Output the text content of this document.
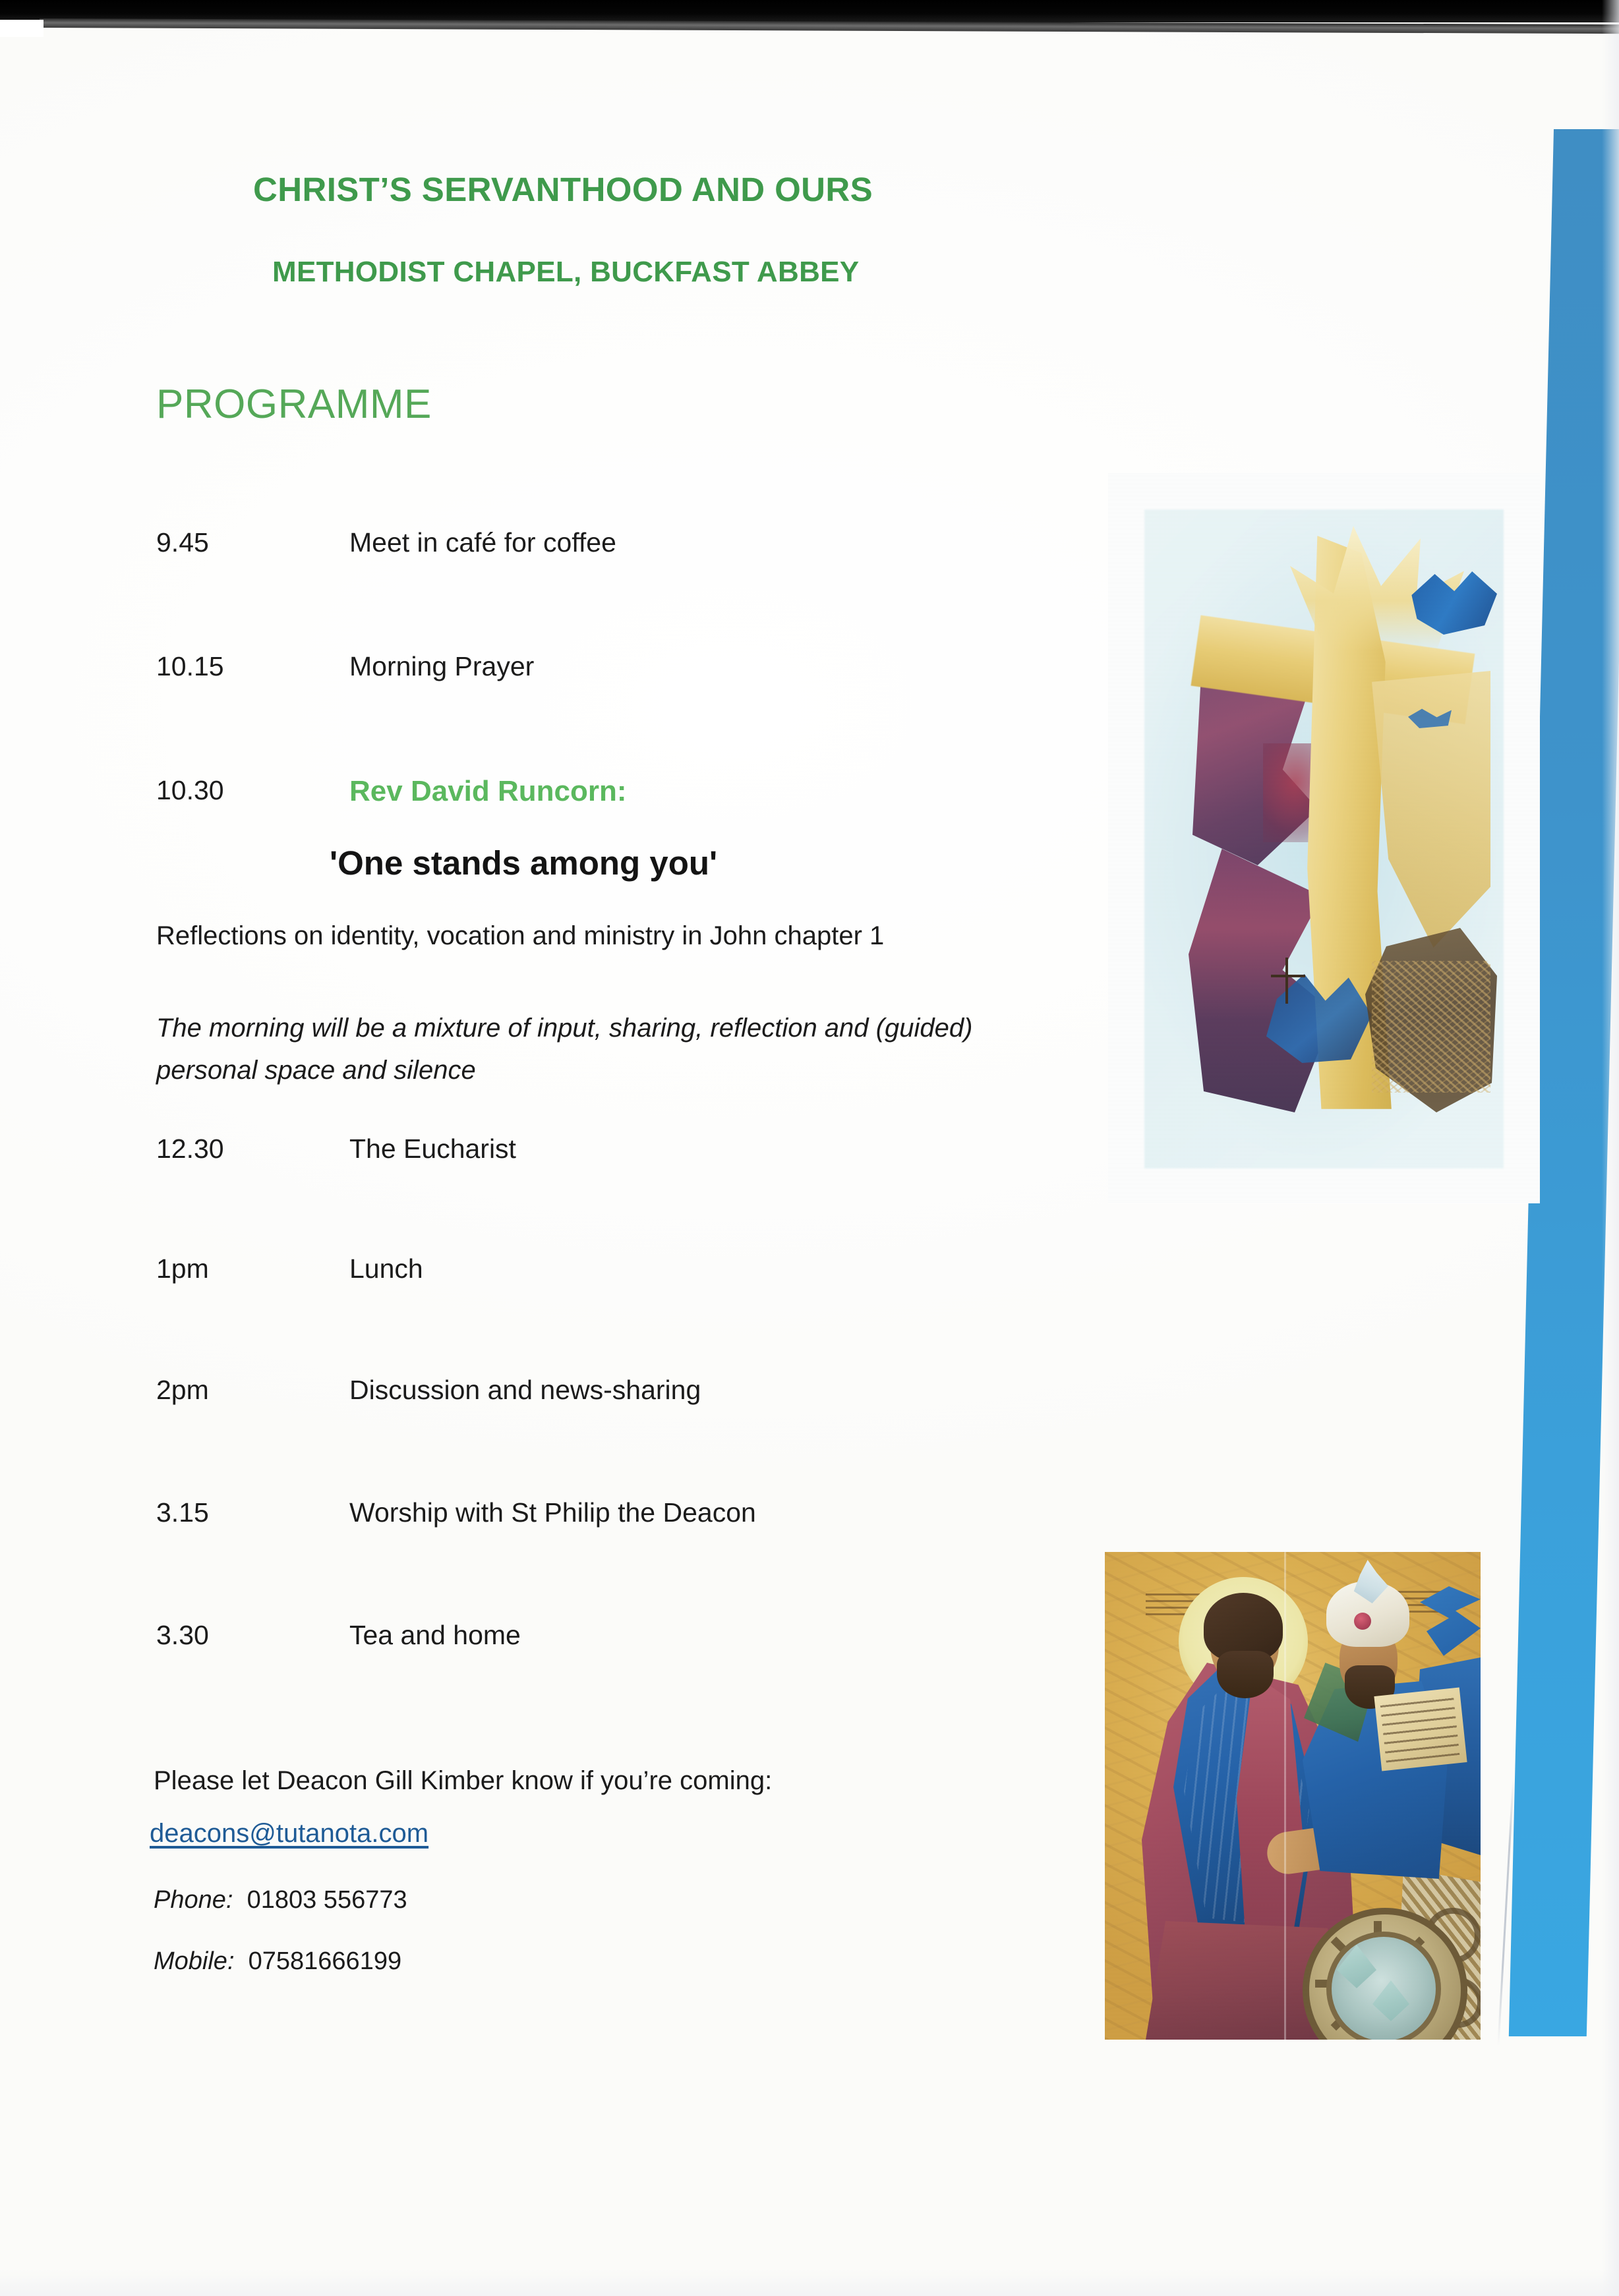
CHRIST’S SERVANTHOOD AND OURS
METHODIST CHAPEL, BUCKFAST ABBEY
PROGRAMME
9.45	Meet in café for coffee
10.15	Morning Prayer
10.30	Rev David Runcorn:
'One stands among you'
Reflections on identity, vocation and ministry in John chapter 1
The morning will be a mixture of input, sharing, reflection and (guided) personal space and silence
12.30	The Eucharist
1pm	Lunch
2pm	Discussion and news-sharing
3.15	Worship with St Philip the Deacon
3.30	Tea and home
Please let Deacon Gill Kimber know if you’re coming:
deacons@tutanota.com
Phone: 01803 556773
Mobile: 07581666199
